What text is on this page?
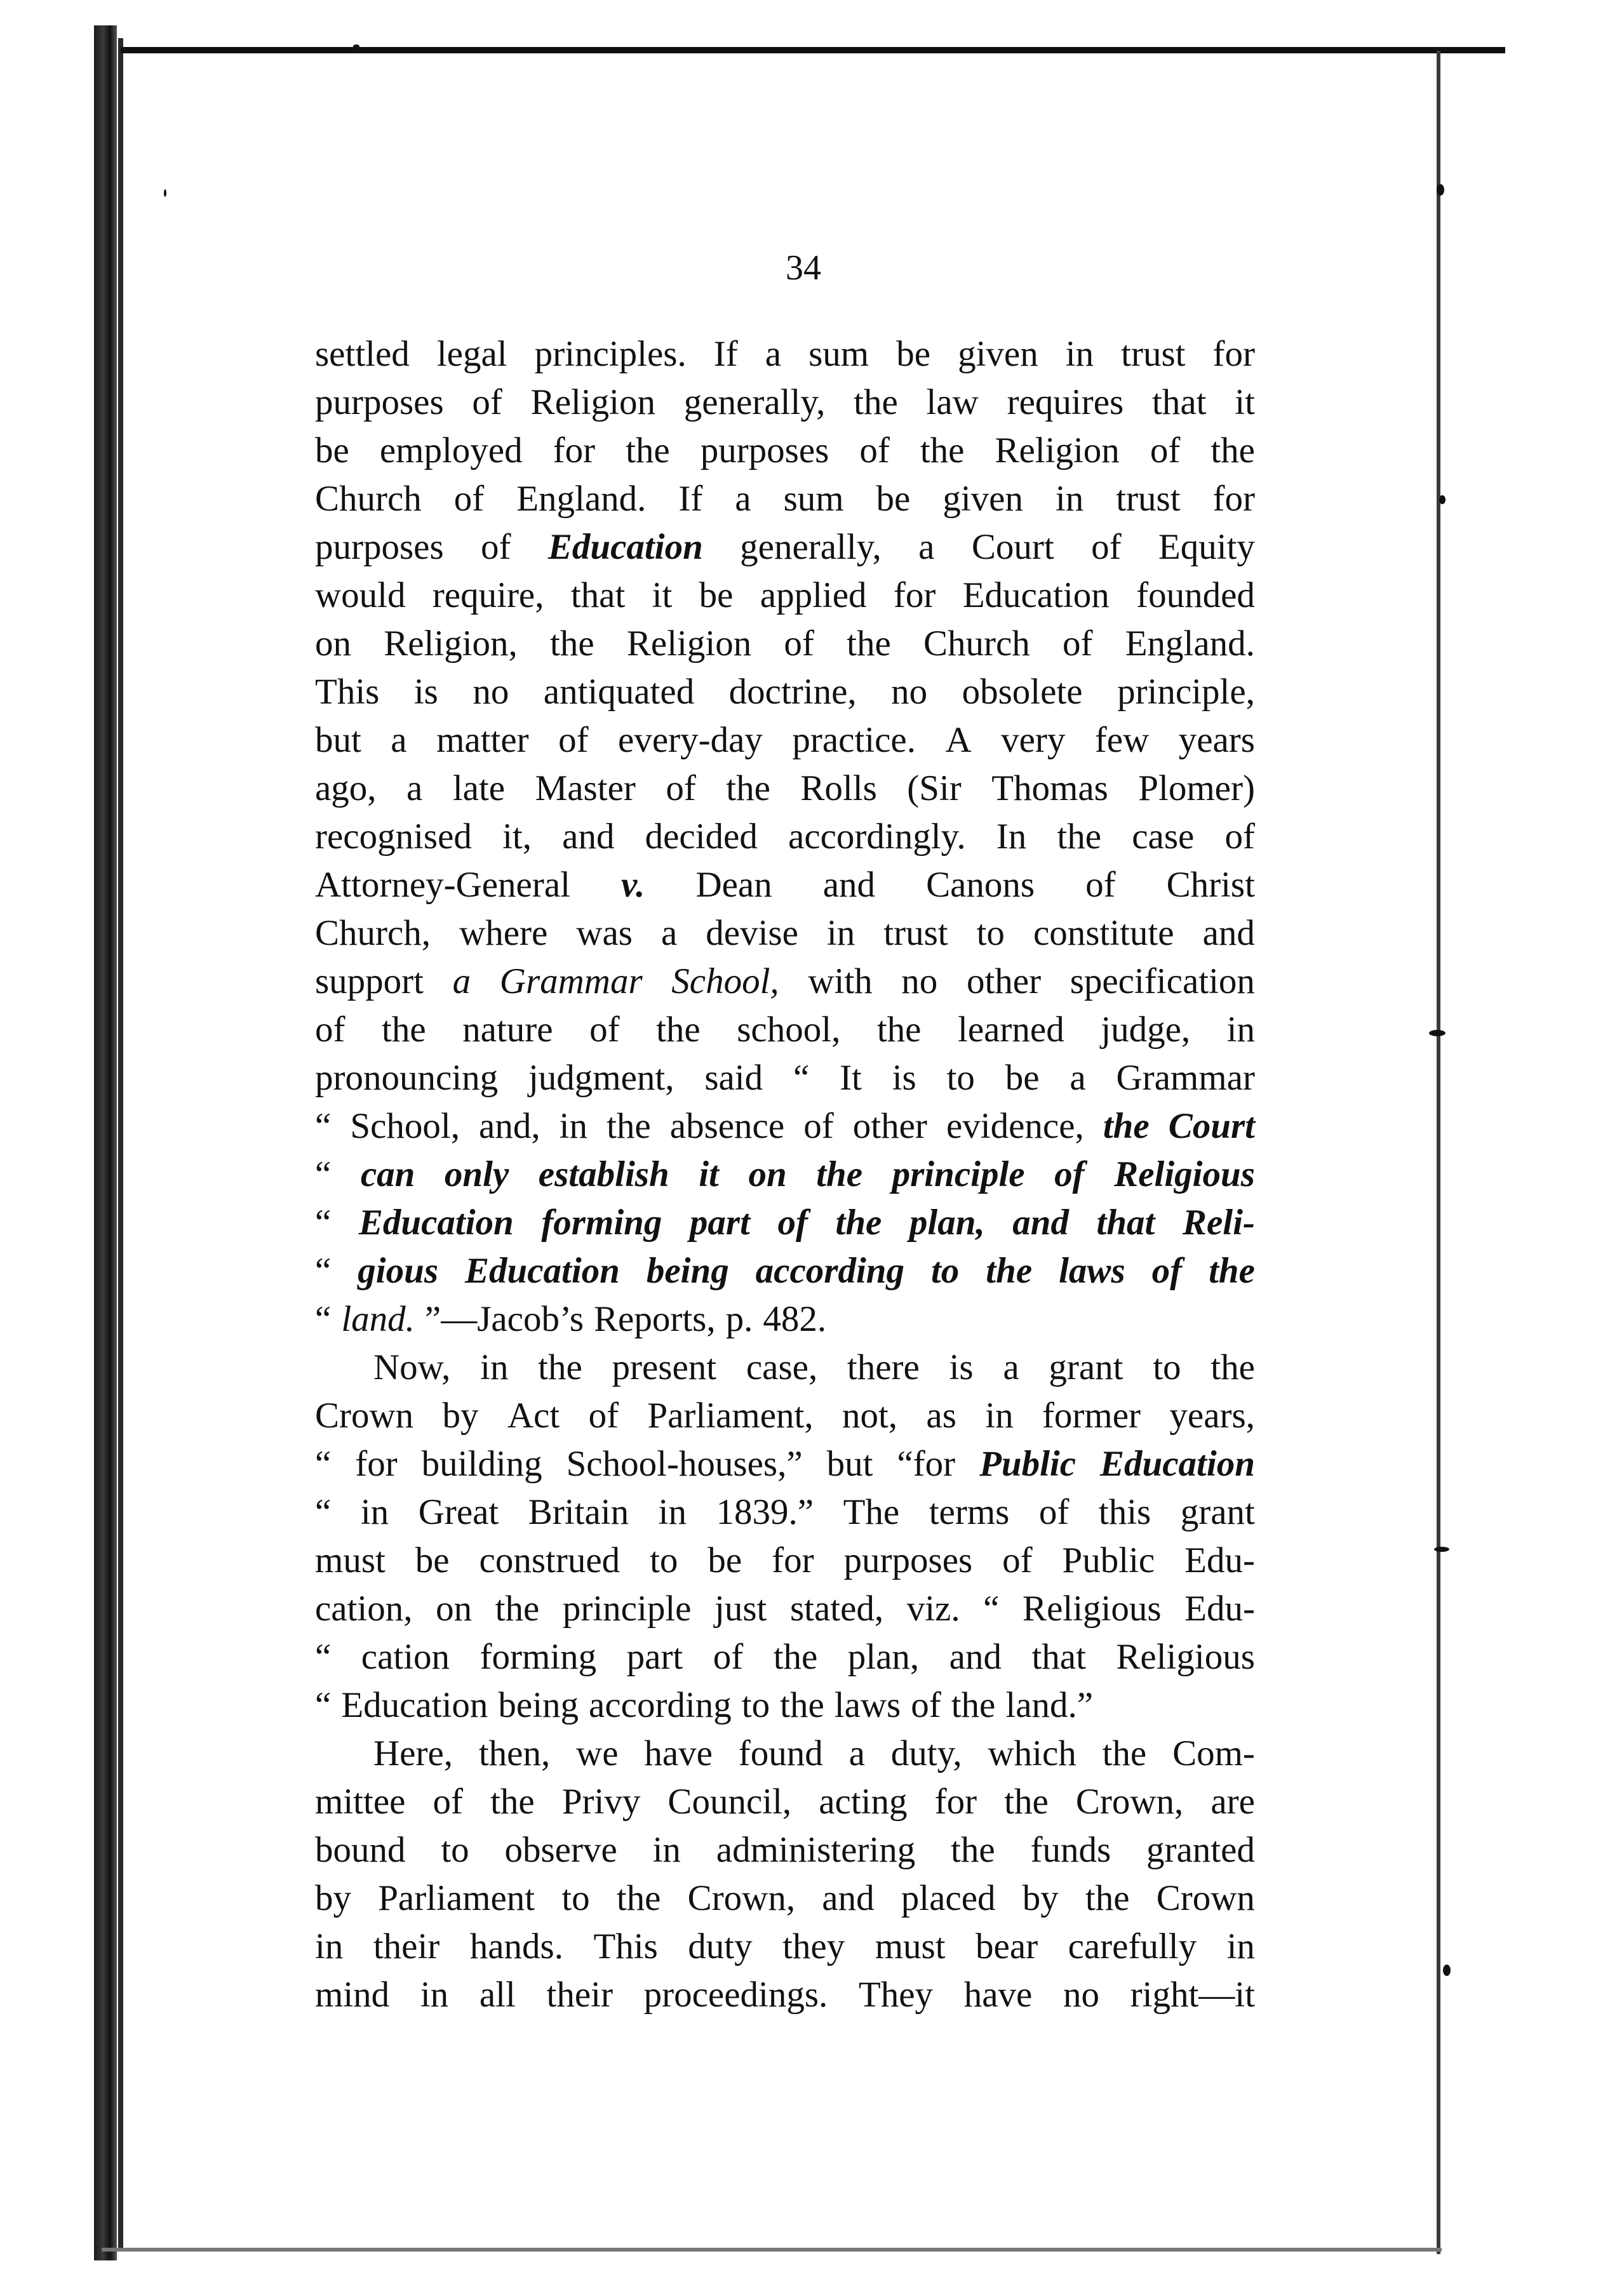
34
settled legal principles. If a sum be given in trust for
purposes of Religion generally, the law requires that it
be employed for the purposes of the Religion of the
Church of England. If a sum be given in trust for
purposes of Education generally, a Court of Equity
would require, that it be applied for Education founded
on Religion, the Religion of the Church of England.
This is no antiquated doctrine, no obsolete principle,
but a matter of every-day practice. A very few years
ago, a late Master of the Rolls (Sir Thomas Plomer)
recognised it, and decided accordingly. In the case of
Attorney-General v. Dean and Canons of Christ
Church, where was a devise in trust to constitute and
support a Grammar School, with no other specification
of the nature of the school, the learned judge, in
pronouncing judgment, said “ It is to be a Grammar
“ School, and, in the absence of other evidence, the Court
“ can only establish it on the principle of Religious
“ Education forming part of the plan, and that Reli-
“ gious Education being according to the laws of the
“ land. ”—Jacob’s Reports, p. 482.
Now, in the present case, there is a grant to the
Crown by Act of Parliament, not, as in former years,
“ for building School-houses,” but “for Public Education
“ in Great Britain in 1839.” The terms of this grant
must be construed to be for purposes of Public Edu-
cation, on the principle just stated, viz. “ Religious Edu-
“ cation forming part of the plan, and that Religious
“ Education being according to the laws of the land.”
Here, then, we have found a duty, which the Com-
mittee of the Privy Council, acting for the Crown, are
bound to observe in administering the funds granted
by Parliament to the Crown, and placed by the Crown
in their hands. This duty they must bear carefully in
mind in all their proceedings. They have no right—it
